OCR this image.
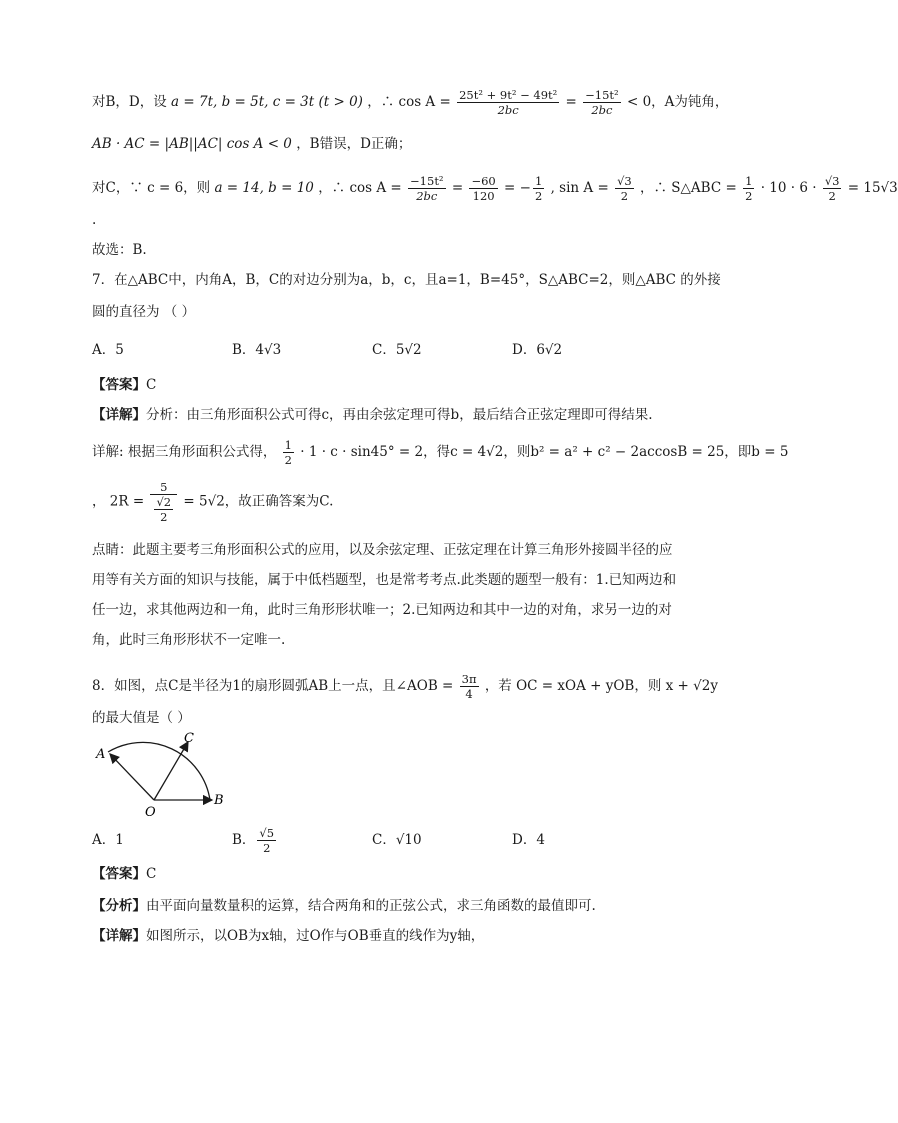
对B，D，设 a = 7t, b = 5t, c = 3t (t > 0) ，∴ $\cos A = \frac{\text{25t² + 9t² − 49t²}}{2bc} = \frac{\text{−15t²}}{2bc} < 0$，A为钝角，
AB · AC = |AB||AC| cos A < 0 ，B错误，D正确；
对C，∵ c = 6，则 a = 14, b = 10 ，∴ $\cos A = \frac{\text{−15t²}}{2bc} = \frac{-60}{120}$ = − $\frac{1}{2}$ , $\sin A = \frac{√3}{2}$ ，∴ S△ABC = $\frac{1}{2} \cdot 10 \cdot 6 \cdot \frac{√3}{2} = 15√3$
.
故选：B.
7．在△ABC中，内角A，B，C的对边分别为a，b，c，且a=1，B=45°，S△ABC=2，则△ABC 的外接
圆的直径为 （ ）
A．5	B．4√3	C．5√2	D．6√2
【答案】C
【详解】分析：由三角形面积公式可得c，再由余弦定理可得b，最后结合正弦定理即可得结果.
详解: 根据三角形面积公式得， $\frac{1}{2} \cdot 1 \cdot c \cdot \sin 45^\circ = 2$，得c = 4√2，则b² = a² + c² − 2accosB = 25，即b = 5
， $2R = \frac{5}{\frac{√2}{2}} = 5√2$，故正确答案为C.
点睛：此题主要考三角形面积公式的应用，以及余弦定理、正弦定理在计算三角形外接圆半径的应
用等有关方面的知识与技能，属于中低档题型，也是常考考点.此类题的题型一般有：1.已知两边和
任一边，求其他两边和一角，此时三角形形状唯一；2.已知两边和其中一边的对角，求另一边的对
角，此时三角形形状不一定唯一.
8．如图，点C是半径为1的扇形圆弧AB上一点，且∠AOB = $\frac{3\pi}{4}$ ，若 OC = xOA + yOB，则 x + √2y
的最大值是（ ）
A
C
O
B
A．1	B． $\frac{√5}{2}$	C．√10	D．4
【答案】C
【分析】由平面向量数量积的运算，结合两角和的正弦公式，求三角函数的最值即可.
【详解】如图所示，以OB为x轴，过O作与OB垂直的线作为y轴，
